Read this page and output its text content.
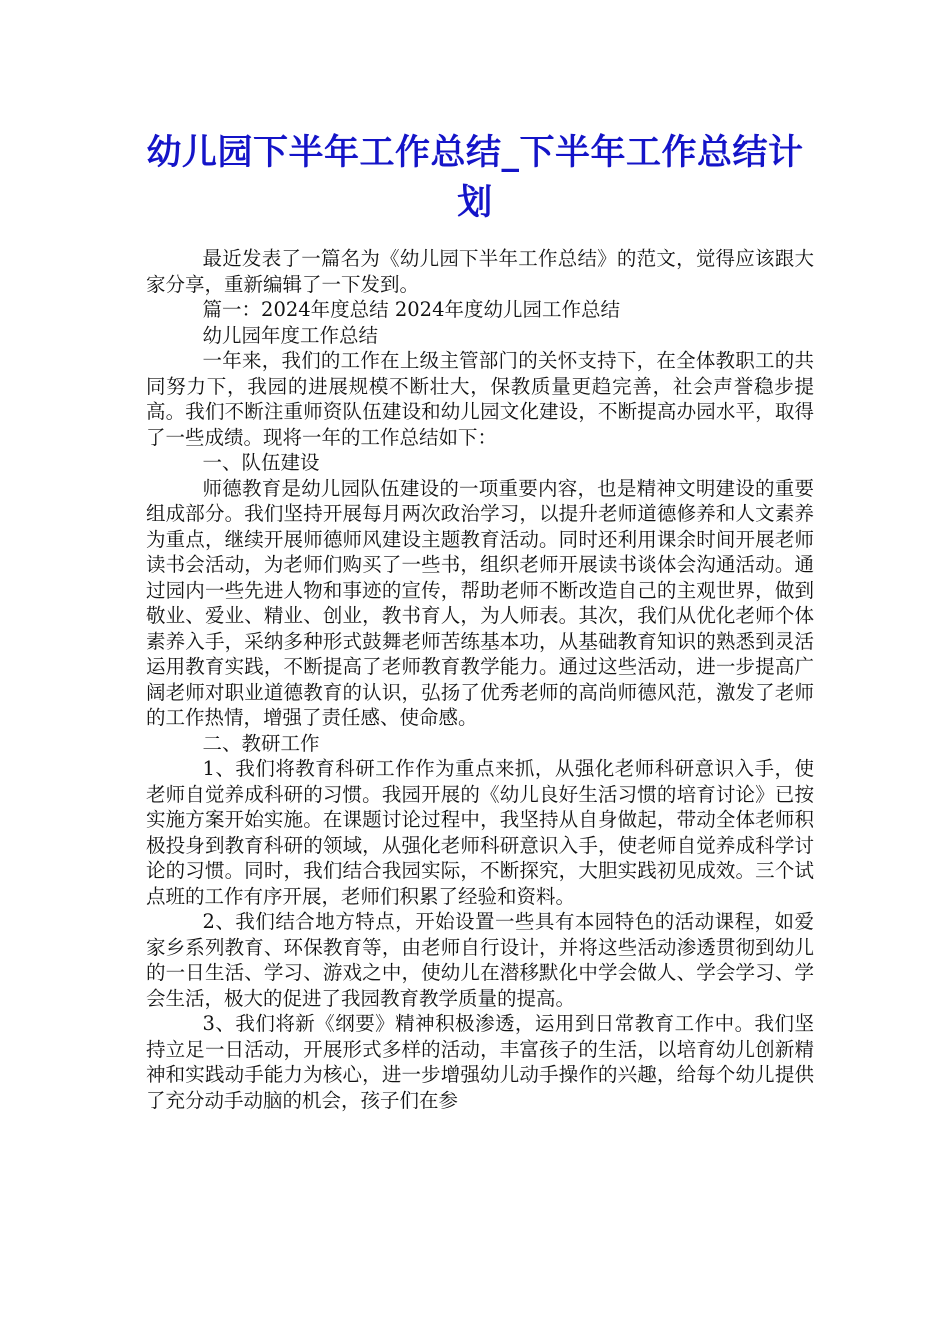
幼儿园下半年工作总结_下半年工作总结计划

最近发表了一篇名为《幼儿园下半年工作总结》的范文，觉得应该跟大家分享，重新编辑了一下发到。

篇一：2024年度总结 2024年度幼儿园工作总结

幼儿园年度工作总结

一年来，我们的工作在上级主管部门的关怀支持下，在全体教职工的共同努力下，我园的进展规模不断壮大，保教质量更趋完善，社会声誉稳步提高。我们不断注重师资队伍建设和幼儿园文化建设，不断提高办园水平，取得了一些成绩。现将一年的工作总结如下：

一、队伍建设

师德教育是幼儿园队伍建设的一项重要内容，也是精神文明建设的重要组成部分。我们坚持开展每月两次政治学习，以提升老师道德修养和人文素养为重点，继续开展师德师风建设主题教育活动。同时还利用课余时间开展老师读书会活动，为老师们购买了一些书，组织老师开展读书谈体会沟通活动。通过园内一些先进人物和事迹的宣传，帮助老师不断改造自己的主观世界，做到敬业、爱业、精业、创业，教书育人，为人师表。其次，我们从优化老师个体素养入手，采纳多种形式鼓舞老师苦练基本功，从基础教育知识的熟悉到灵活运用教育实践，不断提高了老师教育教学能力。通过这些活动，进一步提高广阔老师对职业道德教育的认识，弘扬了优秀老师的高尚师德风范，激发了老师的工作热情，增强了责任感、使命感。

二、教研工作

1、我们将教育科研工作作为重点来抓，从强化老师科研意识入手，使老师自觉养成科研的习惯。我园开展的《幼儿良好生活习惯的培育讨论》已按实施方案开始实施。在课题讨论过程中，我坚持从自身做起，带动全体老师积极投身到教育科研的领域，从强化老师科研意识入手，使老师自觉养成科学讨论的习惯。同时，我们结合我园实际，不断探究，大胆实践初见成效。三个试点班的工作有序开展，老师们积累了经验和资料。

2、我们结合地方特点，开始设置一些具有本园特色的活动课程，如爱家乡系列教育、环保教育等，由老师自行设计，并将这些活动渗透贯彻到幼儿的一日生活、学习、游戏之中，使幼儿在潜移默化中学会做人、学会学习、学会生活，极大的促进了我园教育教学质量的提高。

3、我们将新《纲要》精神积极渗透，运用到日常教育工作中。我们坚持立足一日活动，开展形式多样的活动，丰富孩子的生活，以培育幼儿创新精神和实践动手能力为核心，进一步增强幼儿动手操作的兴趣，给每个幼儿提供了充分动手动脑的机会，孩子们在参
